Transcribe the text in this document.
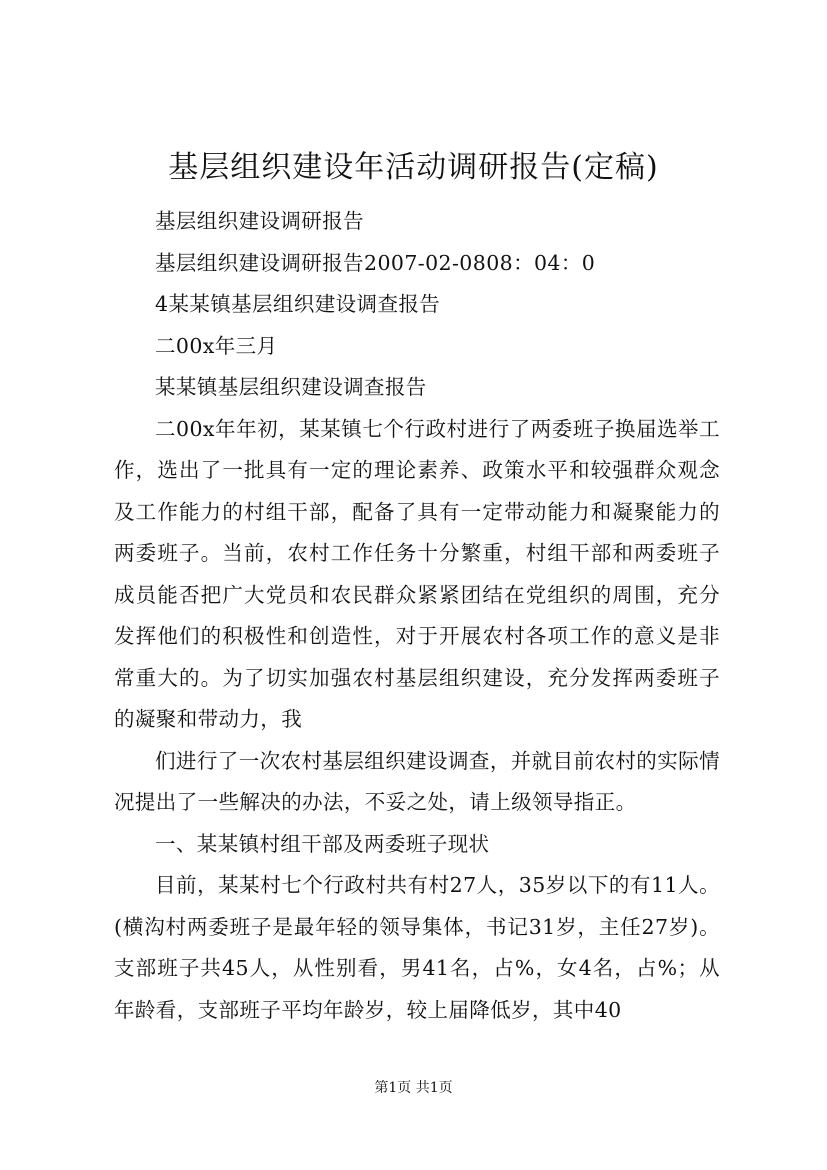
基层组织建设年活动调研报告(定稿)

基层组织建设调研报告

基层组织建设调研报告2007-02-0808：04：0

4某某镇基层组织建设调查报告

二00x年三月

某某镇基层组织建设调查报告

二00x年年初，某某镇七个行政村进行了两委班子换届选举工作，选出了一批具有一定的理论素养、政策水平和较强群众观念及工作能力的村组干部，配备了具有一定带动能力和凝聚能力的两委班子。当前，农村工作任务十分繁重，村组干部和两委班子成员能否把广大党员和农民群众紧紧团结在党组织的周围，充分发挥他们的积极性和创造性，对于开展农村各项工作的意义是非常重大的。为了切实加强农村基层组织建设，充分发挥两委班子的凝聚和带动力，我

们进行了一次农村基层组织建设调查，并就目前农村的实际情况提出了一些解决的办法，不妥之处，请上级领导指正。

一、某某镇村组干部及两委班子现状

目前，某某村七个行政村共有村27人，35岁以下的有11人。(横沟村两委班子是最年轻的领导集体，书记31岁，主任27岁)。支部班子共45人，从性别看，男41名，占%，女4名，占%；从年龄看，支部班子平均年龄岁，较上届降低岁，其中40

第1页 共1页
